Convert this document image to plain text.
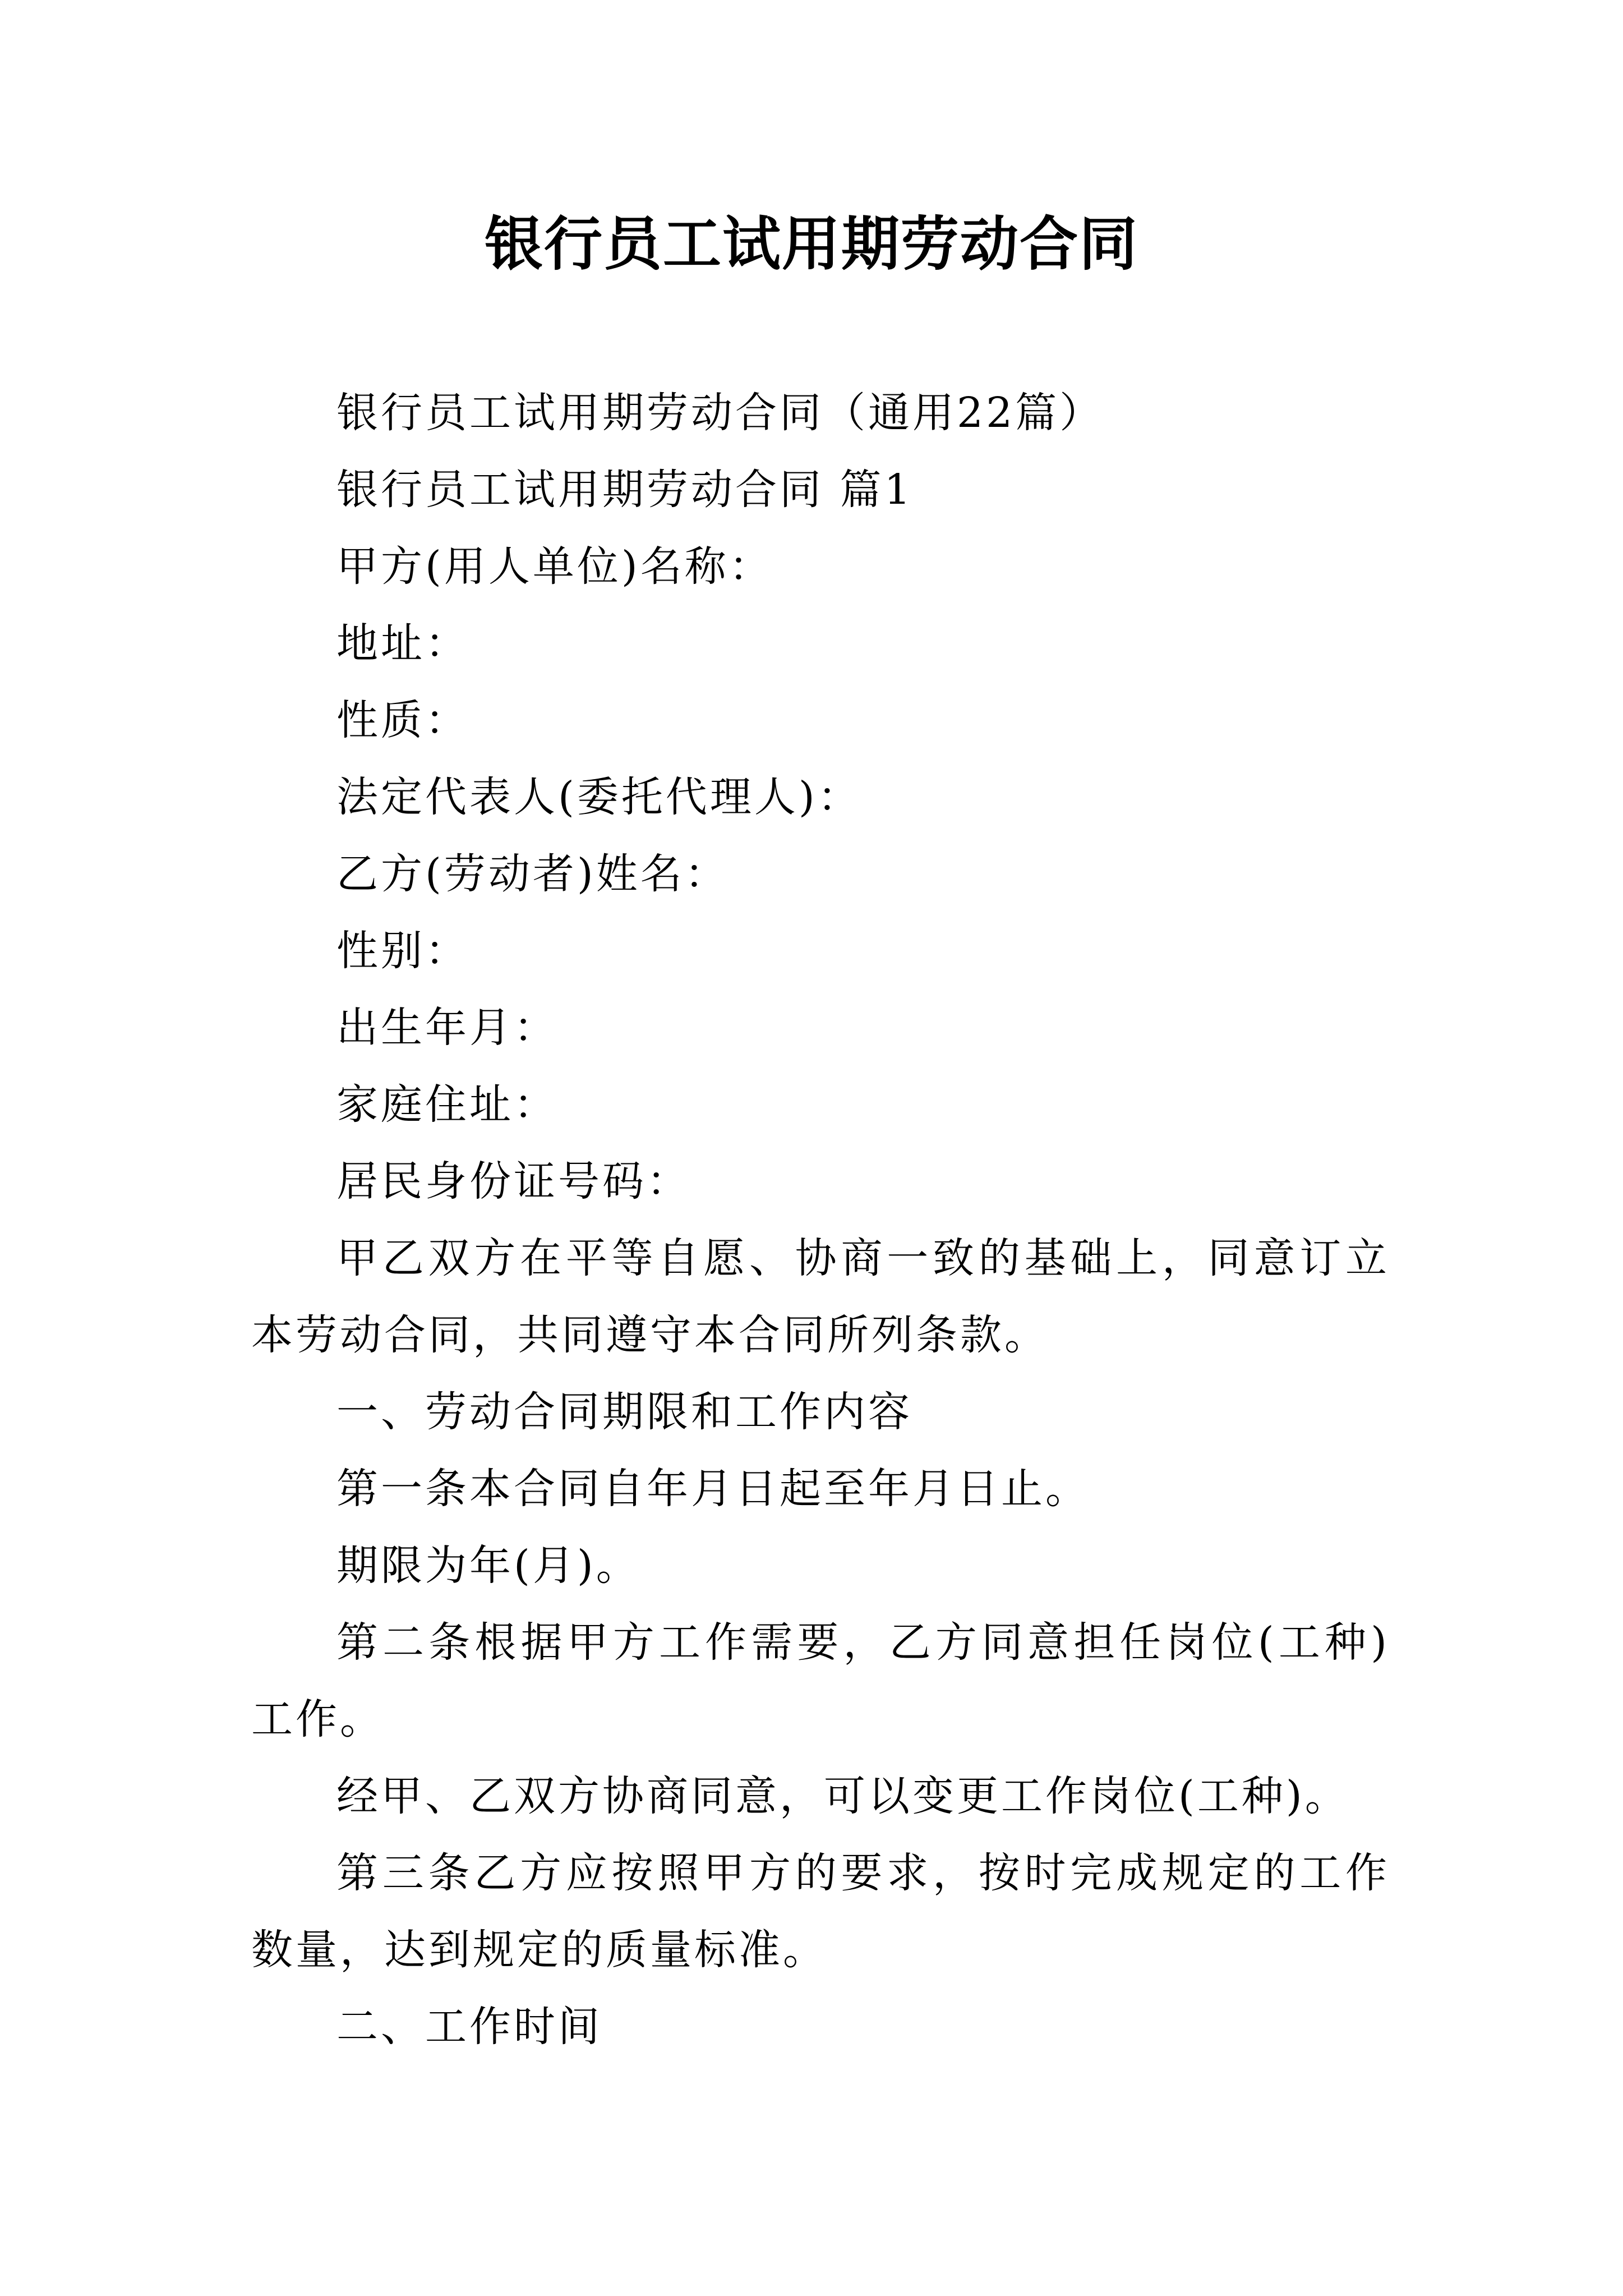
银行员工试用期劳动合同

银行员工试用期劳动合同（通用22篇）

银行员工试用期劳动合同 篇1

甲方(用人单位)名称：

地址：

性质：

法定代表人(委托代理人)：

乙方(劳动者)姓名：

性别：

出生年月：

家庭住址：

居民身份证号码：

甲乙双方在平等自愿、协商一致的基础上，同意订立本劳动合同，共同遵守本合同所列条款。

一、劳动合同期限和工作内容

第一条本合同自年月日起至年月日止。

期限为年(月)。

第二条根据甲方工作需要，乙方同意担任岗位(工种)工作。

经甲、乙双方协商同意，可以变更工作岗位(工种)。

第三条乙方应按照甲方的要求，按时完成规定的工作数量，达到规定的质量标准。

二、工作时间
